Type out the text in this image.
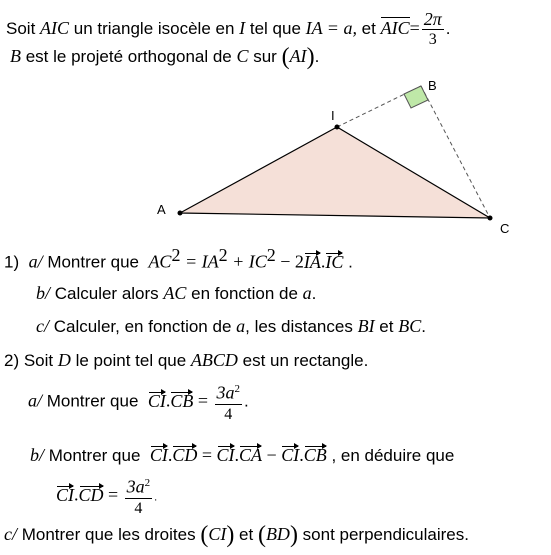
Soit AIC un triangle isocèle en I tel que IA = a, et $AIC= \frac{2\pi}{3}$ .
B est le projeté orthogonal de C sur (AI).
A
I
B
C
1) a/ Montrer que  $AC^2 = IA^2 + IC^2 - 2IA.IC$ .
b/ Calculer alors AC en fonction de a.
c/ Calculer, en fonction de a, les distances BI et BC.
2) Soit D le point tel que ABCD est un rectangle.
a/ Montrer que  $CI.CB = \frac{3a^2}{4}$ .
b/ Montrer que  CI.CD = CI.CA − CI.CB , en déduire que
$CI.CD = \frac{3a^2}{4}$ .
c/ Montrer que les droites (CI) et (BD) sont perpendiculaires.
